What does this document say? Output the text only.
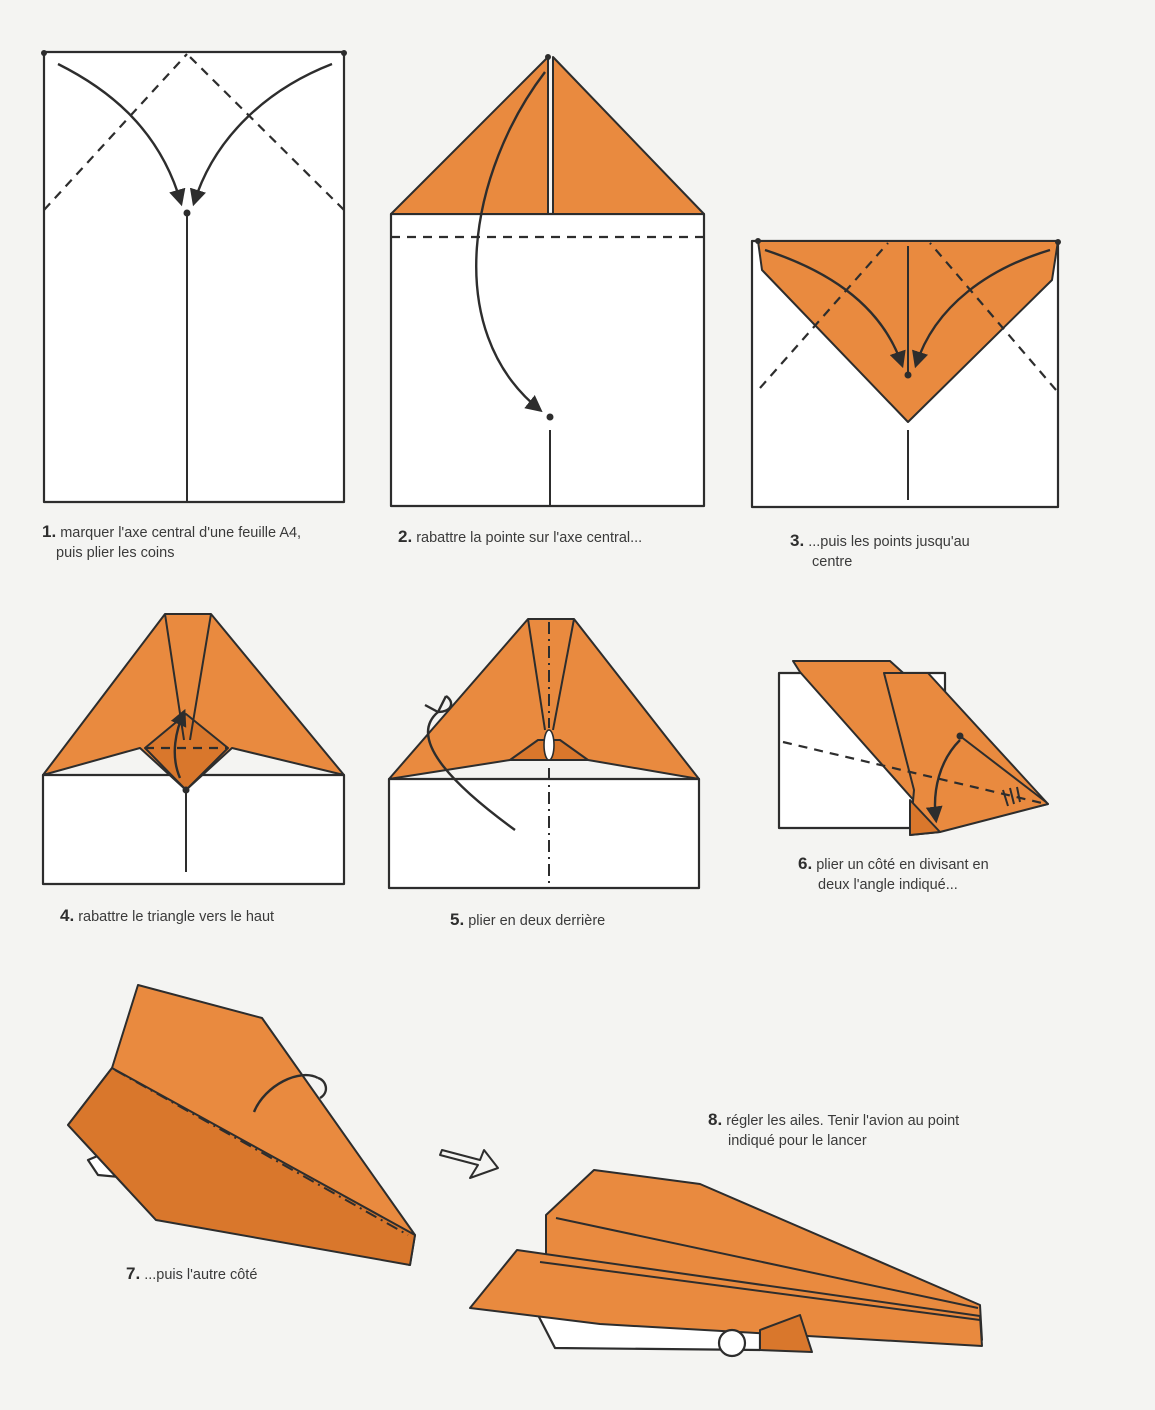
1. marquer l'axe central d'une feuille A4,
puis plier les coins

2. rabattre la pointe sur l'axe central...	3. ...puis les points jusqu'au
centre

4. rabattre le triangle vers le haut	5. plier en deux derrière

6. plier un côté en divisant en
deux l'angle indiqué...

7. ...puis l'autre côté

8. régler les ailes. Tenir l'avion au point
indiqué pour le lancer
